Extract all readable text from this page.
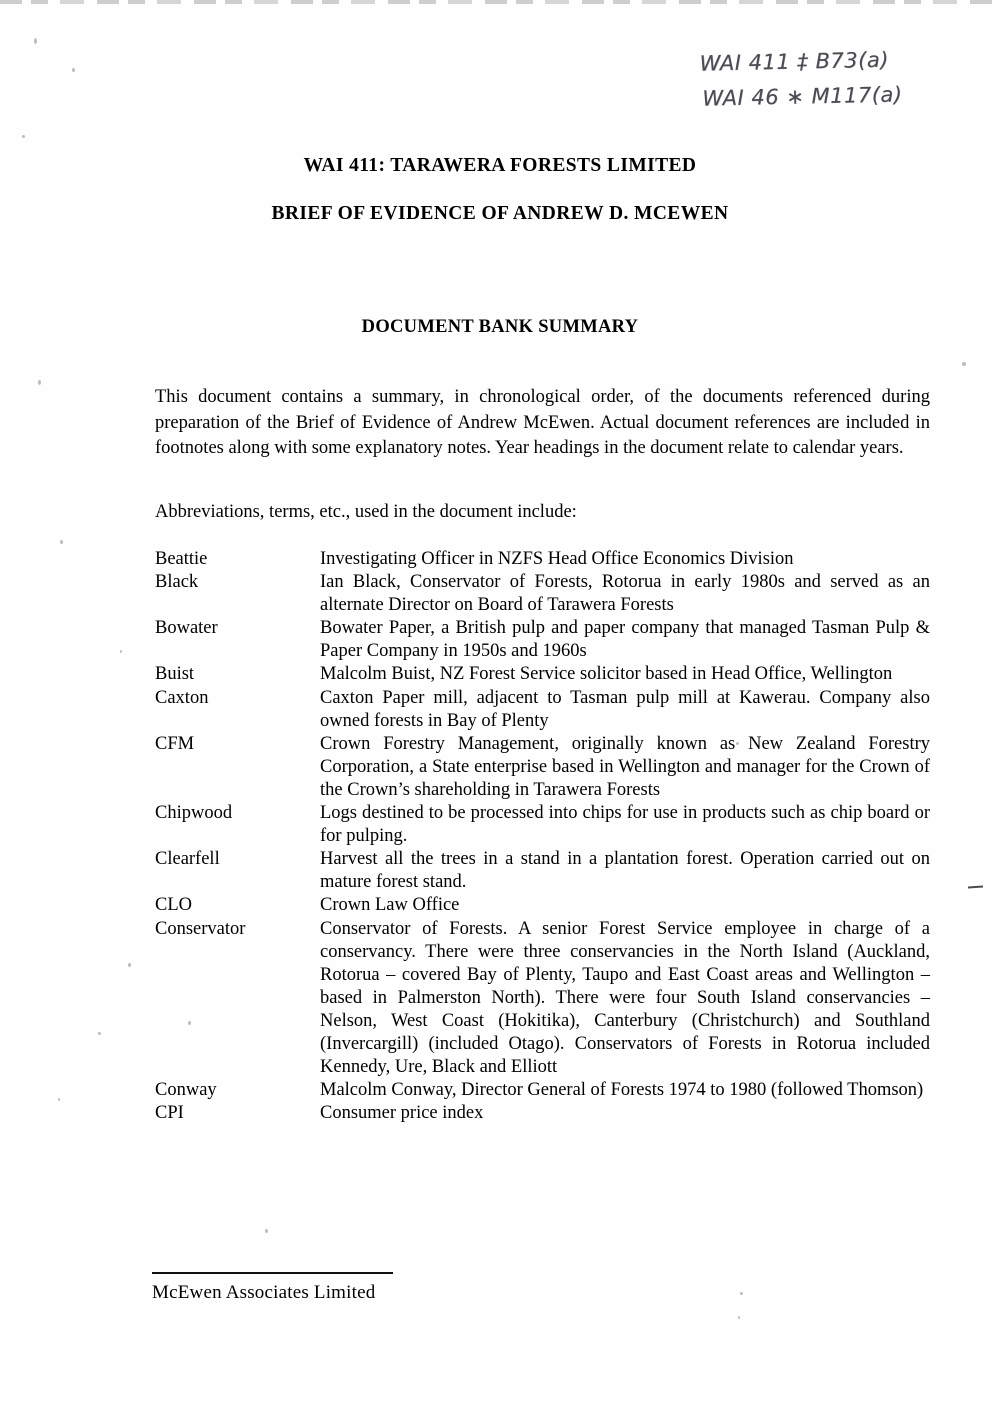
WAI 411 ‡ B73(a)
WAI 46 ∗ M117(a)
WAI 411: TARAWERA FORESTS LIMITED
BRIEF OF EVIDENCE OF ANDREW D. MCEWEN
DOCUMENT BANK SUMMARY
This document contains a summary, in chronological order, of the documents referenced during preparation of the Brief of Evidence of Andrew McEwen. Actual document references are included in footnotes along with some explanatory notes. Year headings in the document relate to calendar years.
Abbreviations, terms, etc., used in the document include:
Beattie	Investigating Officer in NZFS Head Office Economics Division
Black	Ian Black, Conservator of Forests, Rotorua in early 1980s and served as an alternate Director on Board of Tarawera Forests
Bowater	Bowater Paper, a British pulp and paper company that managed Tasman Pulp & Paper Company in 1950s and 1960s
Buist	Malcolm Buist, NZ Forest Service solicitor based in Head Office, Wellington
Caxton	Caxton Paper mill, adjacent to Tasman pulp mill at Kawerau. Company also owned forests in Bay of Plenty
CFM	Crown Forestry Management, originally known as New Zealand Forestry Corporation, a State enterprise based in Wellington and manager for the Crown of the Crown’s shareholding in Tarawera Forests
Chipwood	Logs destined to be processed into chips for use in products such as chip board or for pulping.
Clearfell	Harvest all the trees in a stand in a plantation forest. Operation carried out on mature forest stand.
CLO	Crown Law Office
Conservator	Conservator of Forests. A senior Forest Service employee in charge of a conservancy. There were three conservancies in the North Island (Auckland, Rotorua – covered Bay of Plenty, Taupo and East Coast areas and Wellington – based in Palmerston North). There were four South Island conservancies – Nelson, West Coast (Hokitika), Canterbury (Christchurch) and Southland (Invercargill) (included Otago). Conservators of Forests in Rotorua included Kennedy, Ure, Black and Elliott
Conway	Malcolm Conway, Director General of Forests 1974 to 1980 (followed Thomson)
CPI	Consumer price index
McEwen Associates Limited
